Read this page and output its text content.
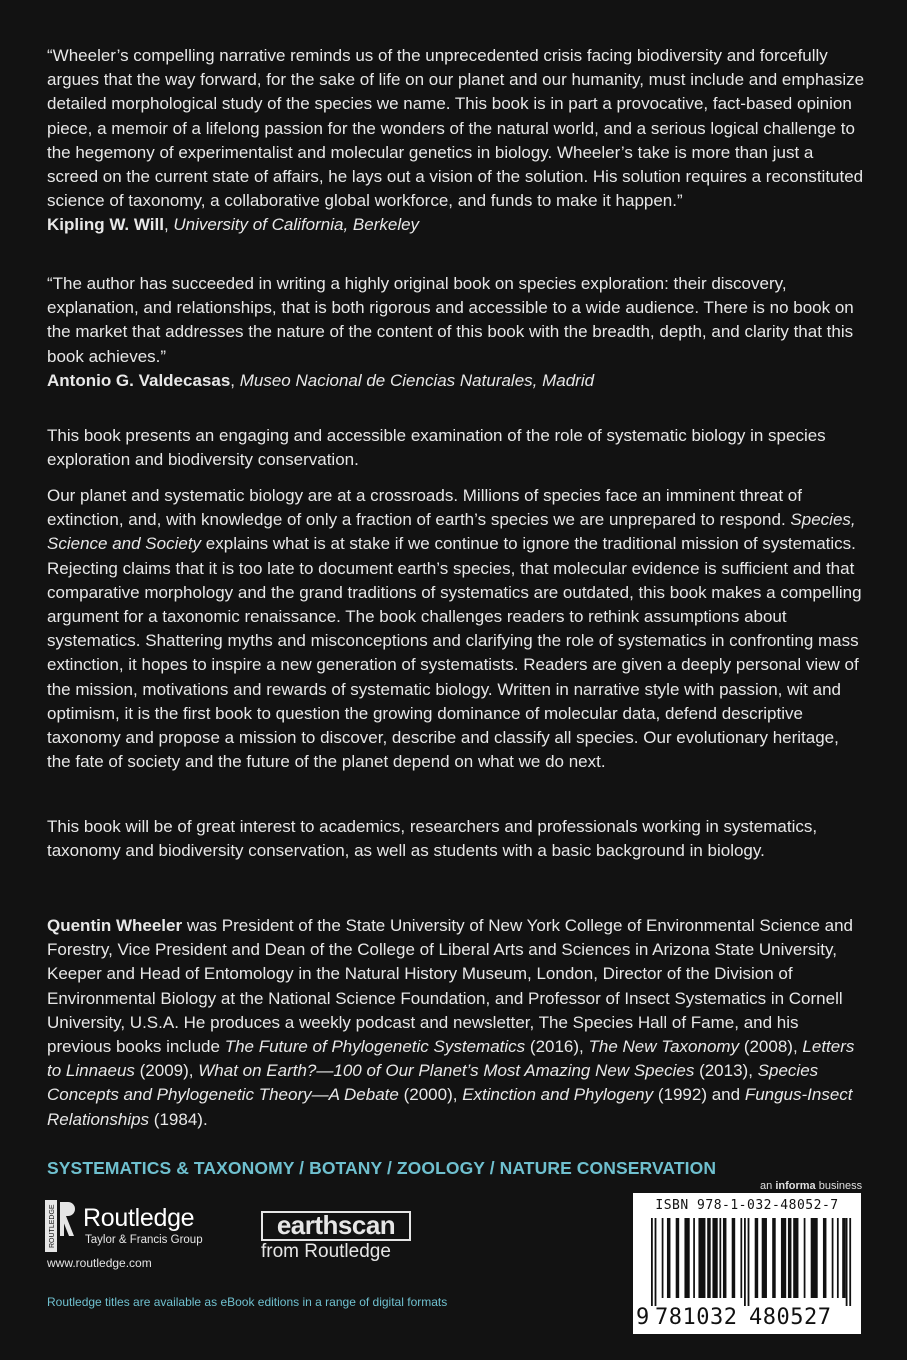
“Wheeler’s compelling narrative reminds us of the unprecedented crisis facing biodiversity and forcefully argues that the way forward, for the sake of life on our planet and our humanity, must include and emphasize detailed morphological study of the species we name. This book is in part a provocative, fact-based opinion piece, a memoir of a lifelong passion for the wonders of the natural world, and a serious logical challenge to the hegemony of experimentalist and molecular genetics in biology. Wheeler’s take is more than just a screed on the current state of affairs, he lays out a vision of the solution. His solution requires a reconstituted science of taxonomy, a collaborative global workforce, and funds to make it happen.”

Kipling W. Will, University of California, Berkeley

“The author has succeeded in writing a highly original book on species exploration: their discovery, explanation, and relationships, that is both rigorous and accessible to a wide audience. There is no book on the market that addresses the nature of the content of this book with the breadth, depth, and clarity that this book achieves.”

Antonio G. Valdecasas, Museo Nacional de Ciencias Naturales, Madrid

This book presents an engaging and accessible examination of the role of systematic biology in species exploration and biodiversity conservation.

Our planet and systematic biology are at a crossroads. Millions of species face an imminent threat of extinction, and, with knowledge of only a fraction of earth’s species we are unprepared to respond. Species, Science and Society explains what is at stake if we continue to ignore the traditional mission of systematics. Rejecting claims that it is too late to document earth’s species, that molecular evidence is sufficient and that comparative morphology and the grand traditions of systematics are outdated, this book makes a compelling argument for a taxonomic renaissance. The book challenges readers to rethink assumptions about systematics. Shattering myths and misconceptions and clarifying the role of systematics in confronting mass extinction, it hopes to inspire a new generation of systematists. Readers are given a deeply personal view of the mission, motivations and rewards of systematic biology. Written in narrative style with passion, wit and optimism, it is the first book to question the growing dominance of molecular data, defend descriptive taxonomy and propose a mission to discover, describe and classify all species. Our evolutionary heritage, the fate of society and the future of the planet depend on what we do next.

This book will be of great interest to academics, researchers and professionals working in systematics, taxonomy and biodiversity conservation, as well as students with a basic background in biology.

Quentin Wheeler was President of the State University of New York College of Environmental Science and Forestry, Vice President and Dean of the College of Liberal Arts and Sciences in Arizona State University, Keeper and Head of Entomology in the Natural History Museum, London, Director of the Division of Environmental Biology at the National Science Foundation, and Professor of Insect Systematics in Cornell University, U.S.A. He produces a weekly podcast and newsletter, The Species Hall of Fame, and his previous books include The Future of Phylogenetic Systematics (2016), The New Taxonomy (2008), Letters to Linnaeus (2009), What on Earth?—100 of Our Planet’s Most Amazing New Species (2013), Species Concepts and Phylogenetic Theory—A Debate (2000), Extinction and Phylogeny (1992) and Fungus-Insect Relationships (1984).

SYSTEMATICS & TAXONOMY / BOTANY / ZOOLOGY / NATURE CONSERVATION
an informa business
ROUTLEDGE Routledge
Taylor & Francis Group
www.routledge.com
earthscan
from Routledge
Routledge titles are available as eBook editions in a range of digital formats
ISBN 978-1-032-48052-7
9 781032 480527
